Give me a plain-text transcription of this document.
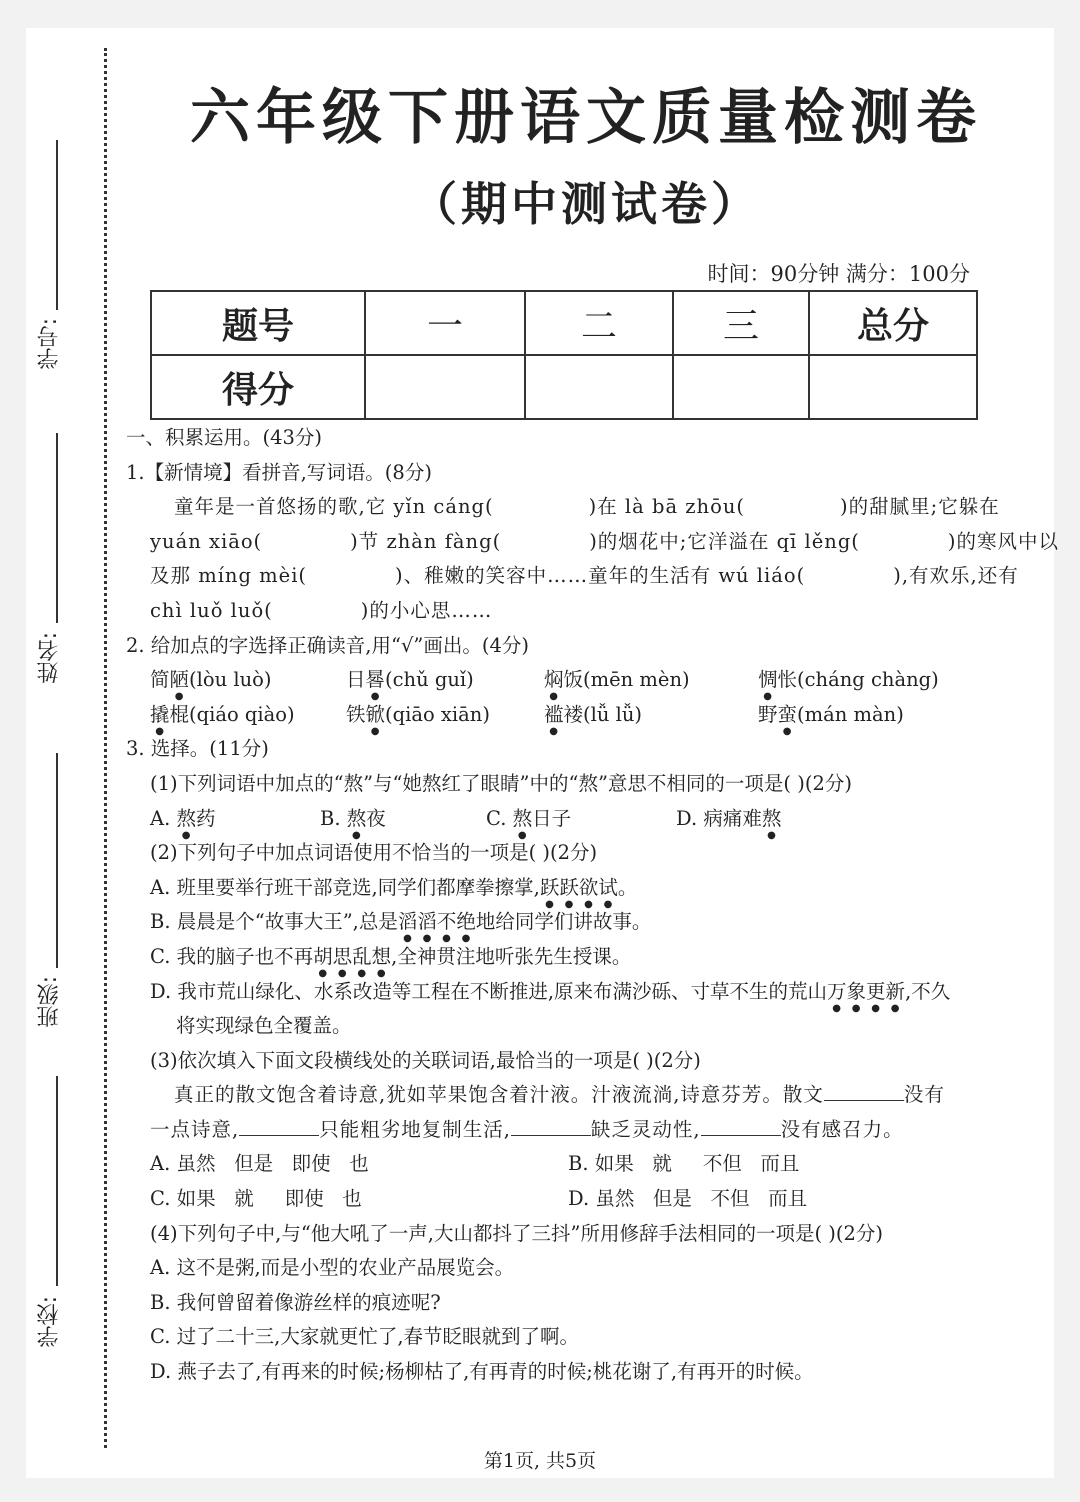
学号:
姓名:
班级:
学校:
六年级下册语文质量检测卷
（期中测试卷）
时间：90分钟 满分：100分
题号	一	二	三	总分
得分				
一、积累运用。(43分)
1.【新情境】看拼音,写词语。(8分)
童年是一首悠扬的歌,它 yǐn cáng(	)在 là bā zhōu(	)的甜腻里;它躲在
yuán xiāo(	)节 zhàn fàng(	)的烟花中;它洋溢在 qī lěng(	)的寒风中以
及那 míng mèi(	)、稚嫩的笑容中……童年的生活有 wú liáo(	),有欢乐,还有
chì luǒ luǒ(	)的小心思……
2. 给加点的字选择正确读音,用“√”画出。(4分)
简陋(lòu luò)	日晷(chǔ guǐ)	焖饭(mēn mèn)	惆怅(cháng chàng)
撬棍(qiáo qiào)	铁锨(qiāo xiān)	褴褛(lǚ lǚ)	野蛮(mán màn)
3. 选择。(11分)
(1)下列词语中加点的“熬”与“她熬红了眼睛”中的“熬”意思不相同的一项是( )(2分)
A. 熬药	B. 熬夜	C. 熬日子	D. 病痛难熬
(2)下列句子中加点词语使用不恰当的一项是( )(2分)
A. 班里要举行班干部竞选,同学们都摩拳擦掌,跃跃欲试。
B. 晨晨是个“故事大王”,总是滔滔不绝地给同学们讲故事。
C. 我的脑子也不再胡思乱想,全神贯注地听张先生授课。
D. 我市荒山绿化、水系改造等工程在不断推进,原来布满沙砾、寸草不生的荒山万象更新,不久
将实现绿色全覆盖。
(3)依次填入下面文段横线处的关联词语,最恰当的一项是( )(2分)
真正的散文饱含着诗意,犹如苹果饱含着汁液。汁液流淌,诗意芬芳。散文	没有
一点诗意,	只能粗劣地复制生活,	缺乏灵动性,	没有感召力。
A. 虽然   但是   即使   也	B. 如果   就     不但   而且
C. 如果   就     即使   也	D. 虽然   但是   不但   而且
(4)下列句子中,与“他大吼了一声,大山都抖了三抖”所用修辞手法相同的一项是( )(2分)
A. 这不是粥,而是小型的农业产品展览会。
B. 我何曾留着像游丝样的痕迹呢?
C. 过了二十三,大家就更忙了,春节眨眼就到了啊。
D. 燕子去了,有再来的时候;杨柳枯了,有再青的时候;桃花谢了,有再开的时候。
第1页, 共5页
